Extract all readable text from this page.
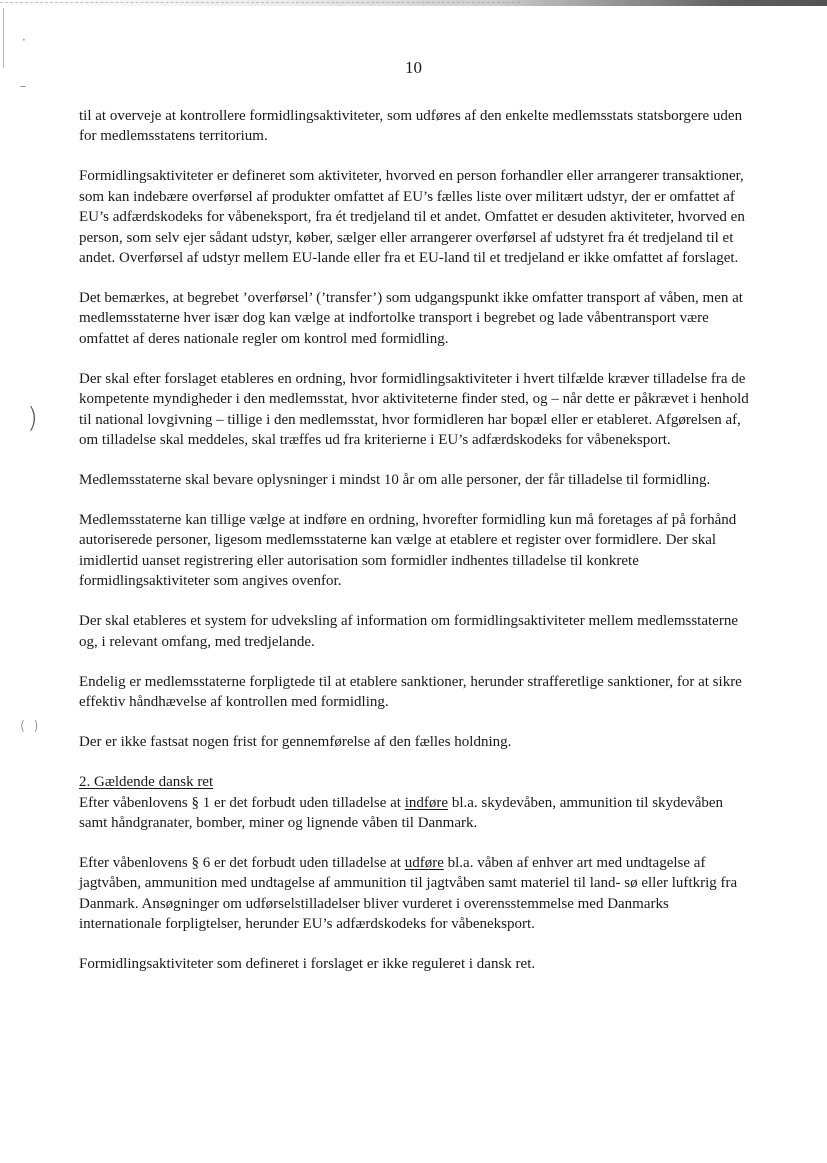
·
–
)
(  )
10

til at overveje at kontrollere formidlingsaktiviteter, som udføres af den enkelte medlemsstats statsborgere uden for medlemsstatens territorium.

Formidlingsaktiviteter er defineret som aktiviteter, hvorved en person forhandler eller arrangerer transaktioner, som kan indebære overførsel af produkter omfattet af EU’s fælles liste over militært udstyr, der er omfattet af EU’s adfærdskodeks for våbeneksport, fra ét tredjeland til et andet. Omfattet er desuden aktiviteter, hvorved en person, som selv ejer sådant udstyr, køber, sælger eller arrangerer overførsel af udstyret fra ét tredjeland til et andet. Overførsel af udstyr mellem EU-lande eller fra et EU-land til et tredjeland er ikke omfattet af forslaget.

Det bemærkes, at begrebet ’overførsel’ (’transfer’) som udgangspunkt ikke omfatter transport af våben, men at medlemsstaterne hver især dog kan vælge at indfortolke transport i begrebet og lade våbentransport være omfattet af deres nationale regler om kontrol med formidling.

Der skal efter forslaget etableres en ordning, hvor formidlingsaktiviteter i hvert tilfælde kræver tilladelse fra de kompetente myndigheder i den medlemsstat, hvor aktiviteterne finder sted, og – når dette er påkrævet i henhold til national lovgivning – tillige i den medlemsstat, hvor formidleren har bopæl eller er etableret. Afgørelsen af, om tilladelse skal meddeles, skal træffes ud fra kriterierne i EU’s adfærdskodeks for våbeneksport.

Medlemsstaterne skal bevare oplysninger i mindst 10 år om alle personer, der får tilladelse til formidling.

Medlemsstaterne kan tillige vælge at indføre en ordning, hvorefter formidling kun må foretages af på forhånd autoriserede personer, ligesom medlemsstaterne kan vælge at etablere et register over formidlere. Der skal imidlertid uanset registrering eller autorisation som formidler indhentes tilladelse til konkrete formidlingsaktiviteter som angives ovenfor.

Der skal etableres et system for udveksling af information om formidlingsaktiviteter mellem medlemsstaterne og, i relevant omfang, med tredjelande.

Endelig er medlemsstaterne forpligtede til at etablere sanktioner, herunder strafferetlige sanktioner, for at sikre effektiv håndhævelse af kontrollen med formidling.

Der er ikke fastsat nogen frist for gennemførelse af den fælles holdning.

2. Gældende dansk ret

Efter våbenlovens § 1 er det forbudt uden tilladelse at indføre bl.a. skydevåben, ammunition til skydevåben samt håndgranater, bomber, miner og lignende våben til Danmark.

Efter våbenlovens § 6 er det forbudt uden tilladelse at udføre bl.a. våben af enhver art med undtagelse af jagtvåben, ammunition med undtagelse af ammunition til jagtvåben samt materiel til land- sø eller luftkrig fra Danmark. Ansøgninger om udførselstilladelser bliver vurderet i overensstemmelse med Danmarks internationale forpligtelser, herunder EU’s adfærdskodeks for våbeneksport.

Formidlingsaktiviteter som defineret i forslaget er ikke reguleret i dansk ret.
